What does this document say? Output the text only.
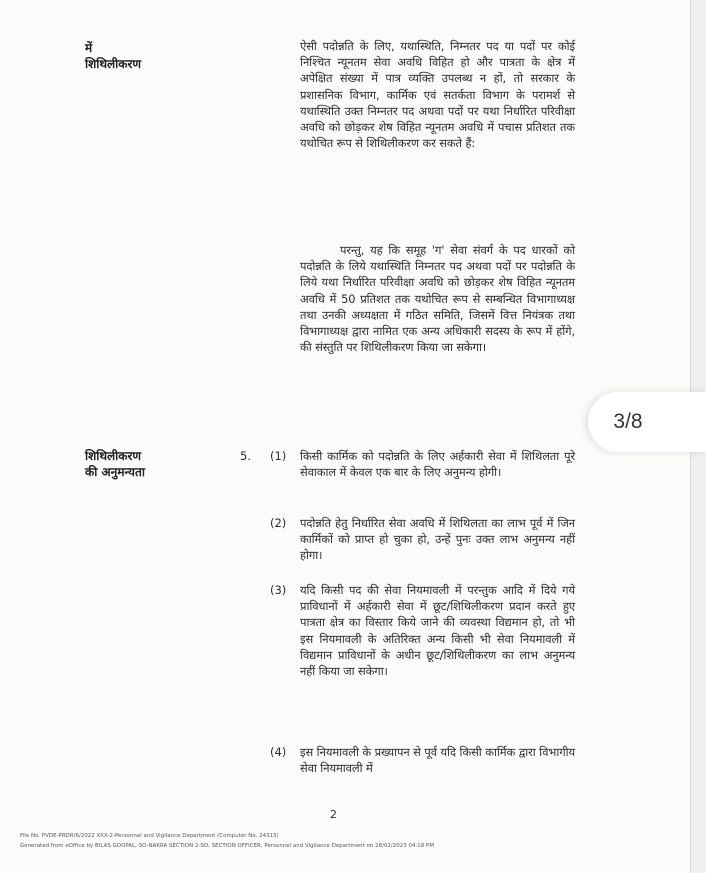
में
शिथिलीकरण
ऐसी पदोन्नति के लिए, यथास्थिति, निम्नतर पद या पदों पर कोई निश्चित न्यूनतम सेवा अवधि विहित हो और पात्रता के क्षेत्र में अपेक्षित संख्या में पात्र व्यक्ति उपलब्ध न हों, तो सरकार के प्रशासनिक विभाग, कार्मिक एवं सतर्कता विभाग के परामर्श से यथास्थिति उक्त निम्नतर पद अथवा पदों पर यथा निर्धारित परिवीक्षा अवधि को छोड़कर शेष विहित न्यूनतम अवधि में पचास प्रतिशत तक यथोचित रूप से शिथिलीकरण कर सकते हैं:
परन्तु, यह कि समूह 'ग' सेवा संवर्ग के पद धारकों को पदोन्नति के लिये यथास्थिति निम्नतर पद अथवा पदों पर पदोन्नति के लिये यथा निर्धारित परिवीक्षा अवधि को छोड़कर शेष विहित न्यूनतम अवधि में 50 प्रतिशत तक यथोचित रूप से सम्बन्धित विभागाध्यक्ष तथा उनकी अध्यक्षता में गठित समिति, जिसमें वित्त नियंत्रक तथा विभागाध्यक्ष द्वारा नामित एक अन्य अधिकारी सदस्य के रूप में होंगे, की संस्तुति पर शिथिलीकरण किया जा सकेगा।
शिथिलीकरण
की अनुमन्यता
5. (1) किसी कार्मिक को पदोन्नति के लिए अर्हकारी सेवा में शिथिलता पूरे सेवाकाल में केवल एक बार के लिए अनुमन्य होगी।
(2) पदोन्नति हेतु निर्धारित सेवा अवधि में शिथिलता का लाभ पूर्व में जिन कार्मिकों को प्राप्त हो चुका हो, उन्हें पुनः उक्त लाभ अनुमन्य नहीं होगा।
(3) यदि किसी पद की सेवा नियमावली में परन्तुक आदि में दिये गये प्राविधानों में अर्हकारी सेवा में छूट/शिथिलीकरण प्रदान करते हुए पात्रता क्षेत्र का विस्तार किये जाने की व्यवस्था विद्यमान हो, तो भी इस नियमावली के अतिरिक्त अन्य किसी भी सेवा नियमावली में विद्यमान प्राविधानों के अधीन छूट/शिथिलीकरण का लाभ अनुमन्य नहीं किया जा सकेगा।
(4) इस नियमावली के प्रख्यापन से पूर्व यदि किसी कार्मिक द्वारा विभागीय सेवा नियमावली में
2
File No. PVDE-PRDR/6/2022 XXX-2-Personnel and Vigilance Department (Computer No. 24313)
Generated from eOffice by BILAS GOOPAL, SO-NAKRA SECTION 2-SO, SECTION OFFICER, Personnel and Vigilance Department on 28/02/2023 04:18 PM
3/8
